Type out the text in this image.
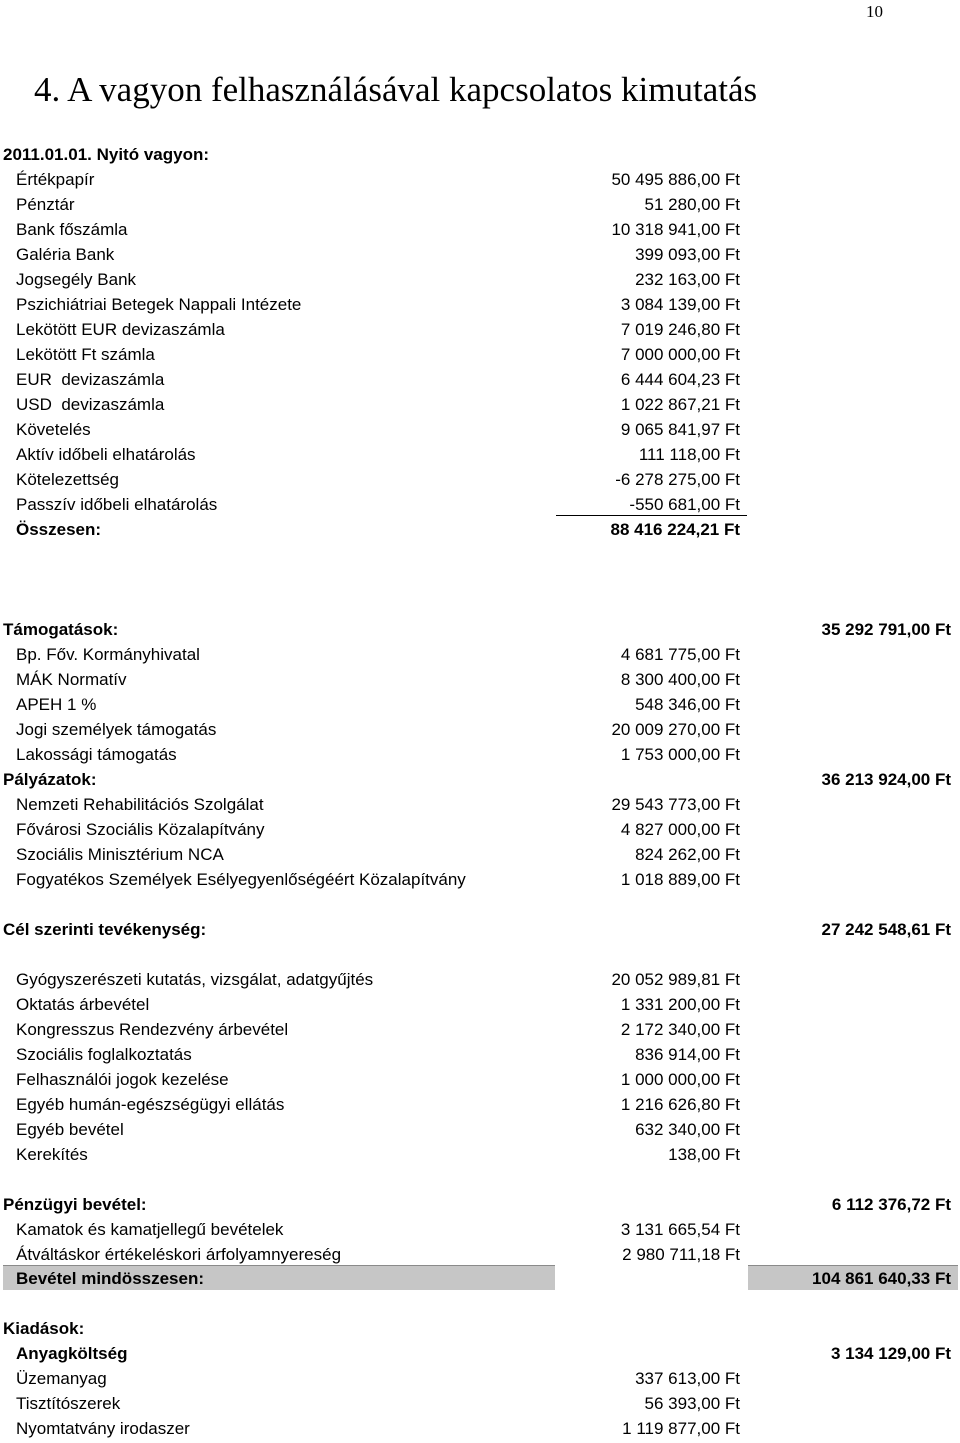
10
4. A vagyon felhasználásával kapcsolatos kimutatás
2011.01.01. Nyitó vagyon:
Értékpapír	50 495 886,00 Ft
Pénztár	51 280,00 Ft
Bank főszámla	10 318 941,00 Ft
Galéria Bank	399 093,00 Ft
Jogsegély Bank	232 163,00 Ft
Pszichiátriai Betegek Nappali Intézete	3 084 139,00 Ft
Lekötött EUR devizaszámla	7 019 246,80 Ft
Lekötött Ft számla	7 000 000,00 Ft
EUR  devizaszámla	6 444 604,23 Ft
USD  devizaszámla	1 022 867,21 Ft
Követelés	9 065 841,97 Ft
Aktív időbeli elhatárolás	111 118,00 Ft
Kötelezettség	-6 278 275,00 Ft
Passzív időbeli elhatárolás	-550 681,00 Ft
Összesen:	88 416 224,21 Ft
Támogatások:	35 292 791,00 Ft
Bp. Főv. Kormányhivatal	4 681 775,00 Ft
MÁK Normatív	8 300 400,00 Ft
APEH 1 %	548 346,00 Ft
Jogi személyek támogatás	20 009 270,00 Ft
Lakossági támogatás	1 753 000,00 Ft
Pályázatok:	36 213 924,00 Ft
Nemzeti Rehabilitációs Szolgálat	29 543 773,00 Ft
Fővárosi Szociális Közalapítvány	4 827 000,00 Ft
Szociális Minisztérium NCA	824 262,00 Ft
Fogyatékos Személyek Esélyegyenlőségéért Közalapítvány	1 018 889,00 Ft
Cél szerinti tevékenység:	27 242 548,61 Ft
Gyógyszerészeti kutatás, vizsgálat, adatgyűjtés	20 052 989,81 Ft
Oktatás árbevétel	1 331 200,00 Ft
Kongresszus Rendezvény árbevétel	2 172 340,00 Ft
Szociális foglalkoztatás	836 914,00 Ft
Felhasználói jogok kezelése	1 000 000,00 Ft
Egyéb humán-egészségügyi ellátás	1 216 626,80 Ft
Egyéb bevétel	632 340,00 Ft
Kerekítés	138,00 Ft
Pénzügyi bevétel:	6 112 376,72 Ft
Kamatok és kamatjellegű bevételek	3 131 665,54 Ft
Átváltáskor értékeléskori árfolyamnyereség	2 980 711,18 Ft
Bevétel mindösszesen:	104 861 640,33 Ft
Kiadások:
Anyagköltség	3 134 129,00 Ft
Üzemanyag	337 613,00 Ft
Tisztítószerek	56 393,00 Ft
Nyomtatvány irodaszer	1 119 877,00 Ft
